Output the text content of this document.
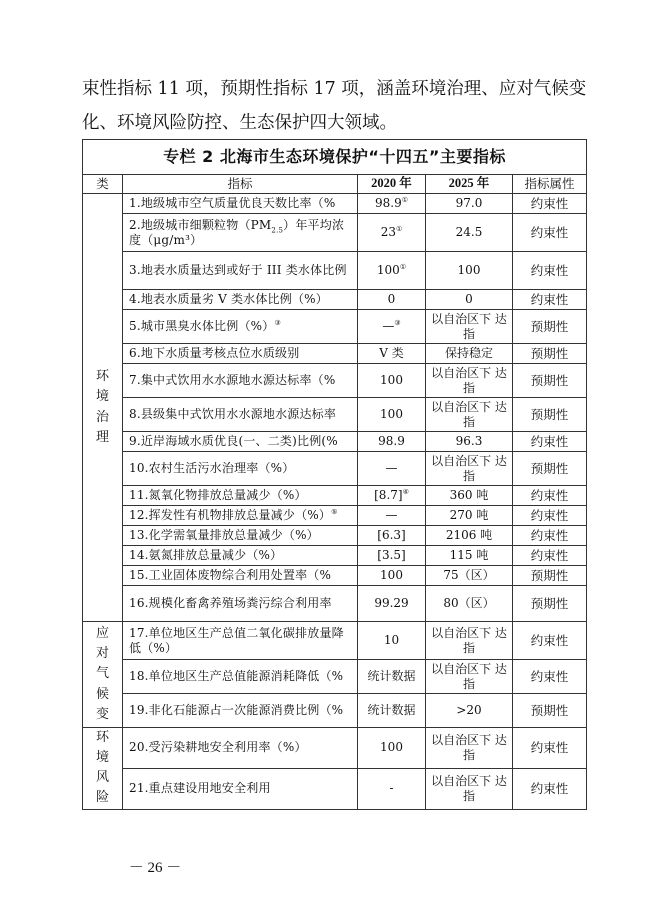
束性指标 11 项，预期性指标 17 项，涵盖环境治理、应对气候变

化、环境风险防控、生态保护四大领域。

专栏 2 北海市生态环境保护“十四五”主要指标				
类	指标	2020 年	2025 年	指标属性

环境治理	1.地级城市空气质量优良天数比率（%	98.9①	97.0	约束性
	2.地级城市细颗粒物$(PM_{2.5})$年平均浓 度（μg/m³）	23①	24.5	约束性
	3.地表水质量达到或好于 III 类水体比例	100①	100	约束性
	4.地表水质量劣 V 类水体比例（%）	0	0	约束性
	5.城市黑臭水体比例（%）③	—③	以自治区下 达指	预期性
	6.地下水质量考核点位水质级别	V 类	保持稳定	预期性
	7.集中式饮用水水源地水源达标率（%	100	以自治区下 达指	预期性
	8.县级集中式饮用水水源地水源达标率	100	以自治区下 达指	预期性
	9.近岸海域水质优良(一、二类)比例(%	98.9	96.3	约束性
	10.农村生活污水治理率（%）	—	以自治区下 达指	预期性
	11.氮氧化物排放总量减少（%）	[8.7]④	360 吨	约束性
	12.挥发性有机物排放总量减少（%）⑤	—	270 吨	约束性
	13.化学需氧量排放总量减少（%）	[6.3]	2106 吨	约束性
	14.氨氮排放总量减少（%）	[3.5]	115 吨	约束性
	15.工业固体废物综合利用处置率（%	100	75（区）	预期性
	16.规模化畜禽养殖场粪污综合利用率	99.29	80（区）	预期性

应对气候变	17.单位地区生产总值二氧化碳排放量降 低（%）	10	以自治区下 达指	约束性
	18.单位地区生产总值能源消耗降低（%	统计数据	以自治区下 达指	约束性
	19.非化石能源占一次能源消费比例（%	统计数据	>20	预期性

环境风险	20.受污染耕地安全利用率（%）	100	以自治区下 达指	约束性
	21.重点建设用地安全利用	-	以自治区下 达指	约束性
－ 26 －
